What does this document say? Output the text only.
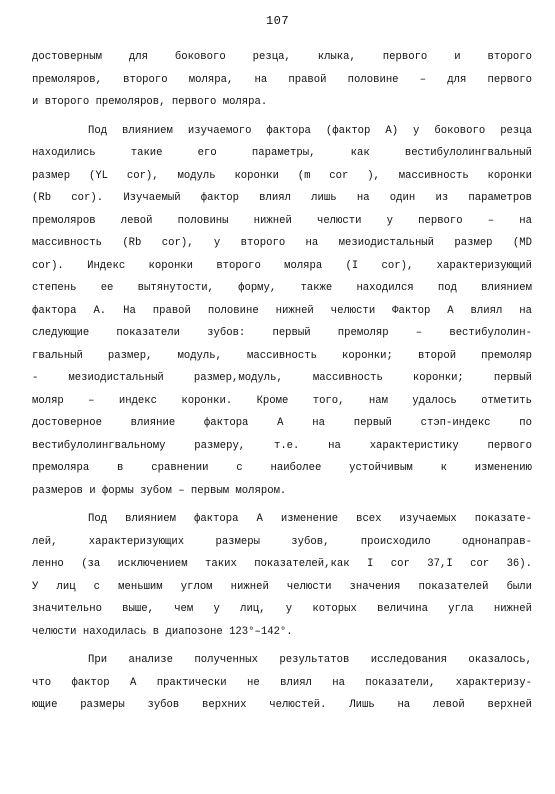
107
достоверным для бокового резца, клыка, первого и второго
премоляров, второго моляра, на правой половине – для первого
и второго премоляров, первого моляра.
Под влиянием изучаемого фактора (фактор А) у бокового резца
находились такие его параметры, как вестибулолингвальный
размер (YL cor), модуль коронки (m cor ), массивность коронки
(Rb cor). Изучаемый фактор влиял лишь на один из параметров
премоляров левой половины нижней челюсти у первого – на
массивность (Rb cor), у второго на мезиодистальный размер (MD
cor). Индекс коронки второго моляра (I cor), характеризующий
степень ее вытянутости, форму, также находился под влиянием
фактора А. На правой половине нижней челюсти Фактор А влиял на
следующие показатели зубов: первый премоляр – вестибулолин-
гвальный размер, модуль, массивность коронки; второй премоляр
- мезиодистальный размер,модуль, массивность коронки; первый
моляр – индекс коронки. Кроме того, нам удалось отметить
достоверное влияние фактора А на первый стэп-индекс по
вестибулолингвальному размеру, т.е. на характеристику первого
премоляра в сравнении с наиболее устойчивым к изменению
размеров и формы зубом – первым моляром.
Под влиянием фактора А изменение всех изучаемых показате-
лей, характеризующих размеры зубов, происходило однонаправ-
ленно (за исключением таких показателей,как I cor 37,I cor 36).
У лиц с меньшим углом нижней челюсти значения показателей были
значительно выше, чем у лиц, у которых величина угла нижней
челюсти находилась в диапозоне 123°–142°.
При анализе полученных результатов исследования оказалось,
что фактор А практически не влиял на показатели, характеризу-
ющие размеры зубов верхних челюстей. Лишь на левой верхней
